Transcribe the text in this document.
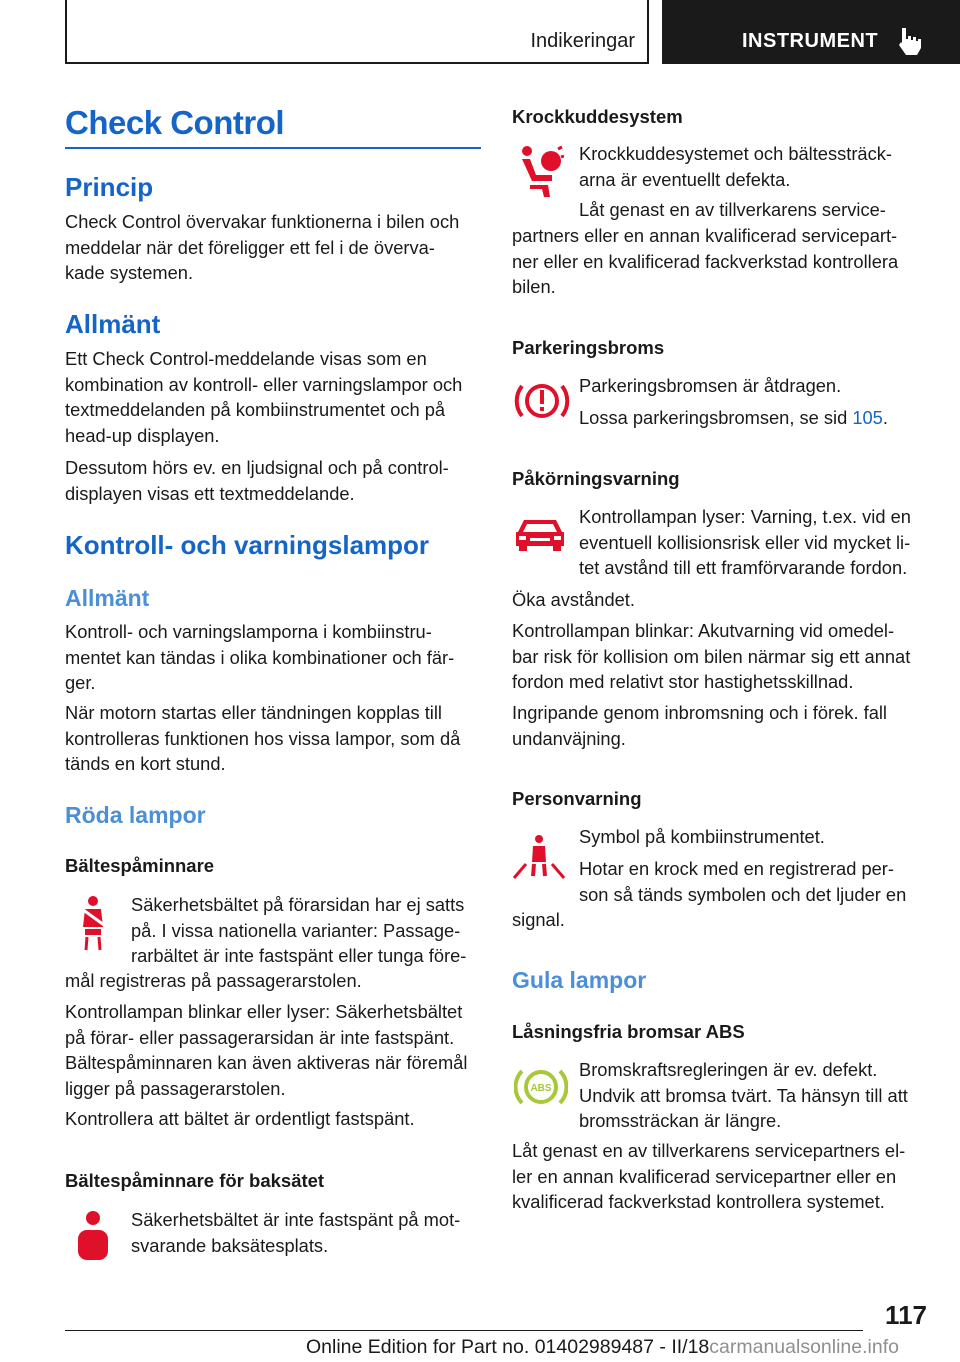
Indikeringar	INSTRUMENT
Check Control
Princip
Check Control övervakar funktionerna i bilen och
meddelar när det föreligger ett fel i de överva-
kade systemen.
Allmänt
Ett Check Control-meddelande visas som en
kombination av kontroll- eller varningslampor och
textmeddelanden på kombiinstrumentet och på
head-up displayen.
Dessutom hörs ev. en ljudsignal och på control-
displayen visas ett textmeddelande.
Kontroll- och varningslampor
Allmänt
Kontroll- och varningslamporna i kombiinstru-
mentet kan tändas i olika kombinationer och fär-
ger.
När motorn startas eller tändningen kopplas till
kontrolleras funktionen hos vissa lampor, som då
tänds en kort stund.
Röda lampor
Bältespåminnare
Säkerhetsbältet på förarsidan har ej satts
på. I vissa nationella varianter: Passage-
rarbältet är inte fastspänt eller tunga före-
mål registreras på passagerarstolen.
Kontrollampan blinkar eller lyser: Säkerhetsbältet
på förar- eller passagerarsidan är inte fastspänt.
Bältespåminnaren kan även aktiveras när föremål
ligger på passagerarstolen.
Kontrollera att bältet är ordentligt fastspänt.
Bältespåminnare för baksätet
Säkerhetsbältet är inte fastspänt på mot-
svarande baksätesplats.
Krockkuddesystem
Krockkuddesystemet och bältessträck-
arna är eventuellt defekta.
Låt genast en av tillverkarens service-
partners eller en annan kvalificerad servicepart-
ner eller en kvalificerad fackverkstad kontrollera
bilen.
Parkeringsbroms
Parkeringsbromsen är åtdragen.
Lossa parkeringsbromsen, se sid 105.
Påkörningsvarning
Kontrollampan lyser: Varning, t.ex. vid en
eventuell kollisionsrisk eller vid mycket li-
tet avstånd till ett framförvarande fordon.
Öka avståndet.
Kontrollampan blinkar: Akutvarning vid omedel-
bar risk för kollision om bilen närmar sig ett annat
fordon med relativt stor hastighetsskillnad.
Ingripande genom inbromsning och i förek. fall
undanväjning.
Personvarning
Symbol på kombiinstrumentet.
Hotar en krock med en registrerad per-
son så tänds symbolen och det ljuder en
signal.
Gula lampor
Låsningsfria bromsar ABS
ABS
Bromskraftsregleringen är ev. defekt.
Undvik att bromsa tvärt. Ta hänsyn till att
bromssträckan är längre.
Låt genast en av tillverkarens servicepartners el-
ler en annan kvalificerad servicepartner eller en
kvalificerad fackverkstad kontrollera systemet.
117
Online Edition for Part no. 01402989487 - II/18carmanualsonline.info
